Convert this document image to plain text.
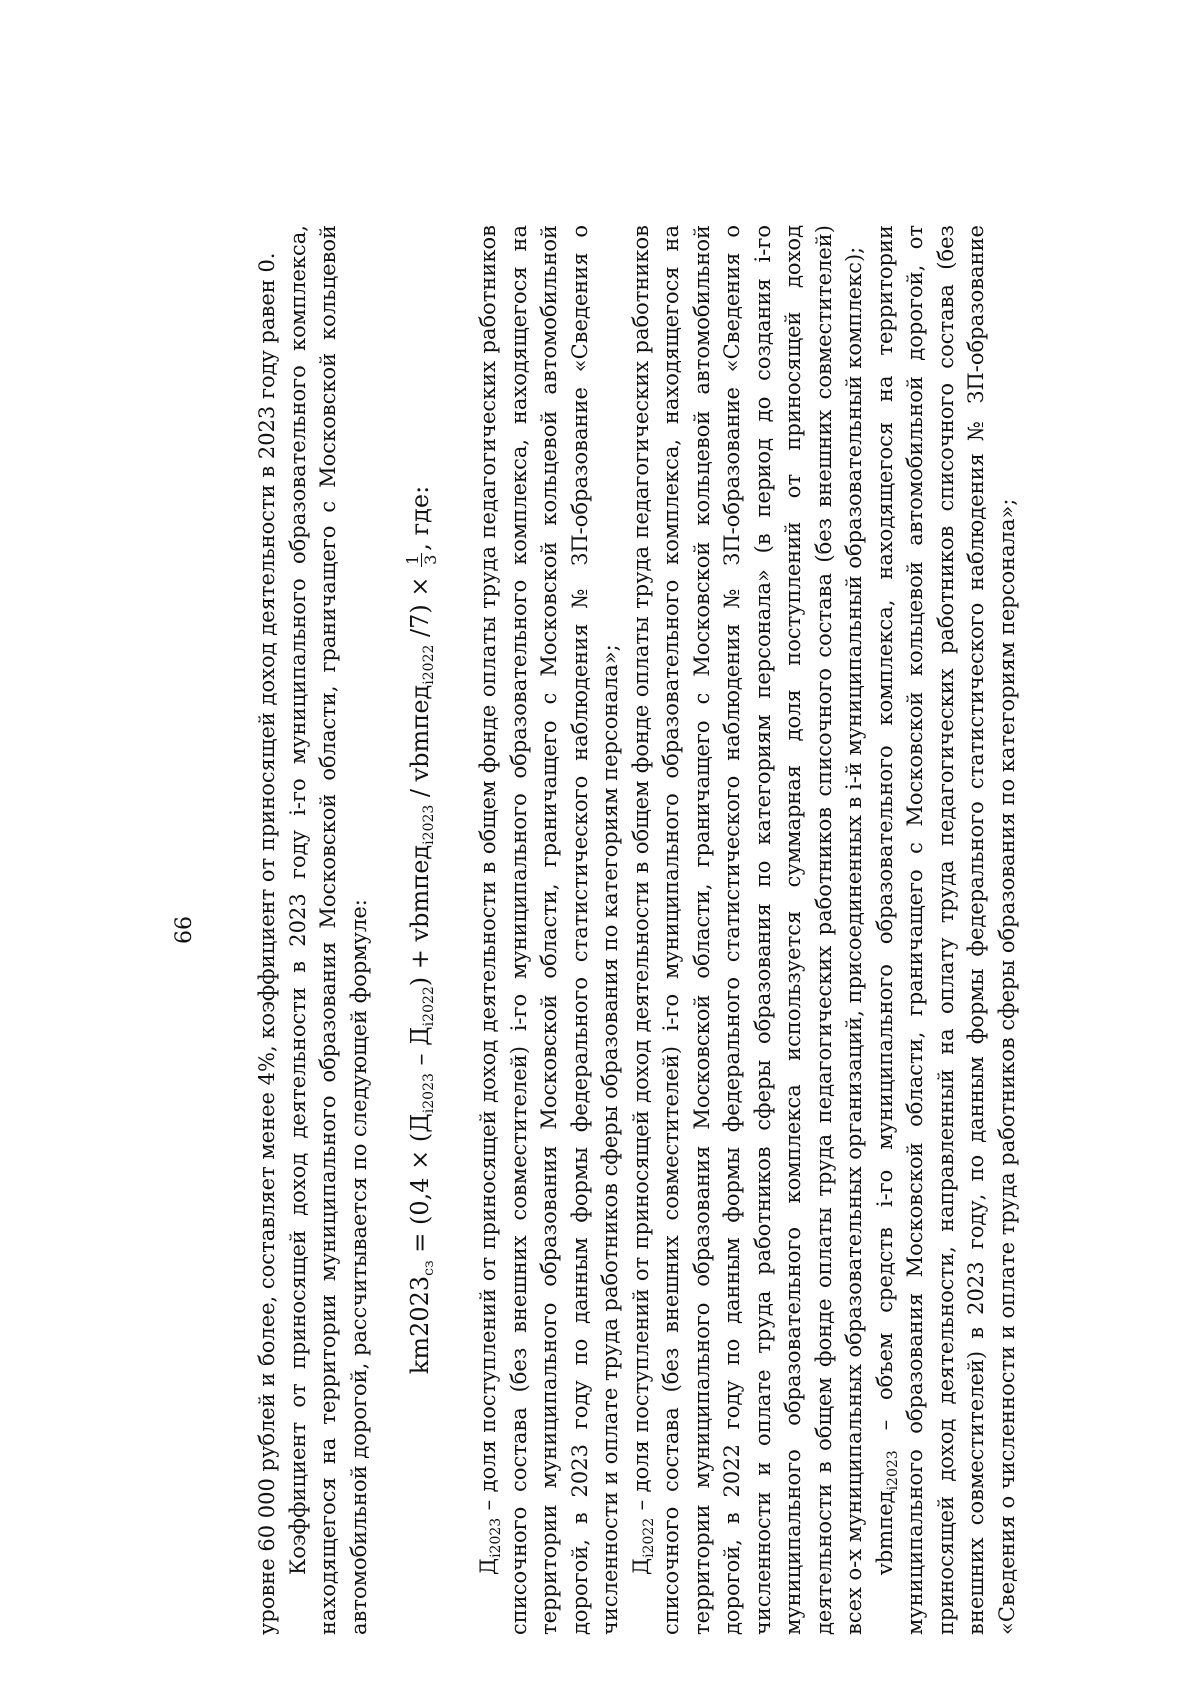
66	уровне 60 000 рублей и более, составляет менее 4%, коэффициент от приносящей доход деятельности в 2023 году равен 0. Коэффициент от приносящей доход деятельности в 2023 году i-го муниципального образовательного комплекса, находящегося на территории муниципального образования Московской области, граничащего с Московской кольцевой автомобильной дорогой, рассчитывается по следующей формуле: $km2023_{сз} = (0,4 \times (Д_{i2023} - Д_{i2022})$ + vbmпед$_{i2023}$ / vbmпед$_{i2022}$ /7) ×
1 3
, где:

$Д_{i2023}$ – доля поступлений от приносящей доход деятельности в общем фонде оплаты труда педагогических работников списочного состава (без внешних совместителей) i-го муниципального образовательного комплекса, находящегося на территории муниципального образования Московской области, граничащего с Московской кольцевой автомобильной дорогой, в 2023 году по данным формы федерального статистического наблюдения № ЗП-образование «Сведения о численности и оплате труда работников сферы образования по категориям персонала»; $Д_{i2022}$ – доля поступлений от приносящей доход деятельности в общем фонде оплаты труда педагогических работников списочного состава (без внешних совместителей) i-го муниципального образовательного комплекса, находящегося на территории муниципального образования Московской области, граничащего с Московской кольцевой автомобильной дорогой, в 2022 году по данным формы федерального статистического наблюдения № ЗП-образование «Сведения о численности и оплате труда работников сферы образования по категориям персонала» (в период до создания i-го муниципального образовательного комплекса используется суммарная доля поступлений от приносящей доход деятельности в общем фонде оплаты труда педагогических работников списочного состава (без внешних совместителей) всех о-х муниципальных образовательных организаций, присоединенных в i-й муниципальный образовательный комплекс); vbmпед$_{i2023}$ – объем средств i-го муниципального образовательного комплекса, находящегося на территории муниципального образования Московской области, граничащего с Московской кольцевой автомобильной дорогой, от приносящей доход деятельности, направленный на оплату труда педагогических работников списочного состава (без внешних совместителей) в 2023 году, по данным формы федерального статистического наблюдения № ЗП-образование «Сведения о численности и оплате труда работников сферы образования по категориям персонала»;
